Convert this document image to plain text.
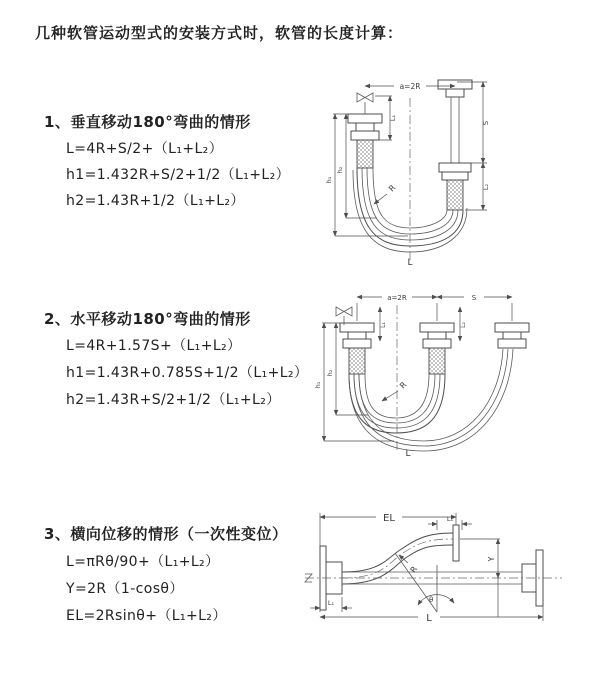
几种软管运动型式的安装方式时，软管的长度计算：
1、垂直移动180°弯曲的情形
L=4R+S/2+（L₁+L₂）
h1=1.432R+S/2+1/2（L₁+L₂）
h2=1.43R+1/2（L₁+L₂）
2、水平移动180°弯曲的情形
L=4R+1.57S+（L₁+L₂）
h1=1.43R+0.785S+1/2（L₁+L₂）
h2=1.43R+S/2+1/2（L₁+L₂）
3、横向位移的情形（一次性变位）
L=πRθ/90+（L₁+L₂）
Y=2R（1-cosθ）
EL=2Rsinθ+（L₁+L₂）
a=2R
L₁
S
L₂
h₁
h₂
R
L
a=2R	S
L₁	L₂
h₁
h₂
R
L
EL	L₁
Y
R
θ
L₁
L
